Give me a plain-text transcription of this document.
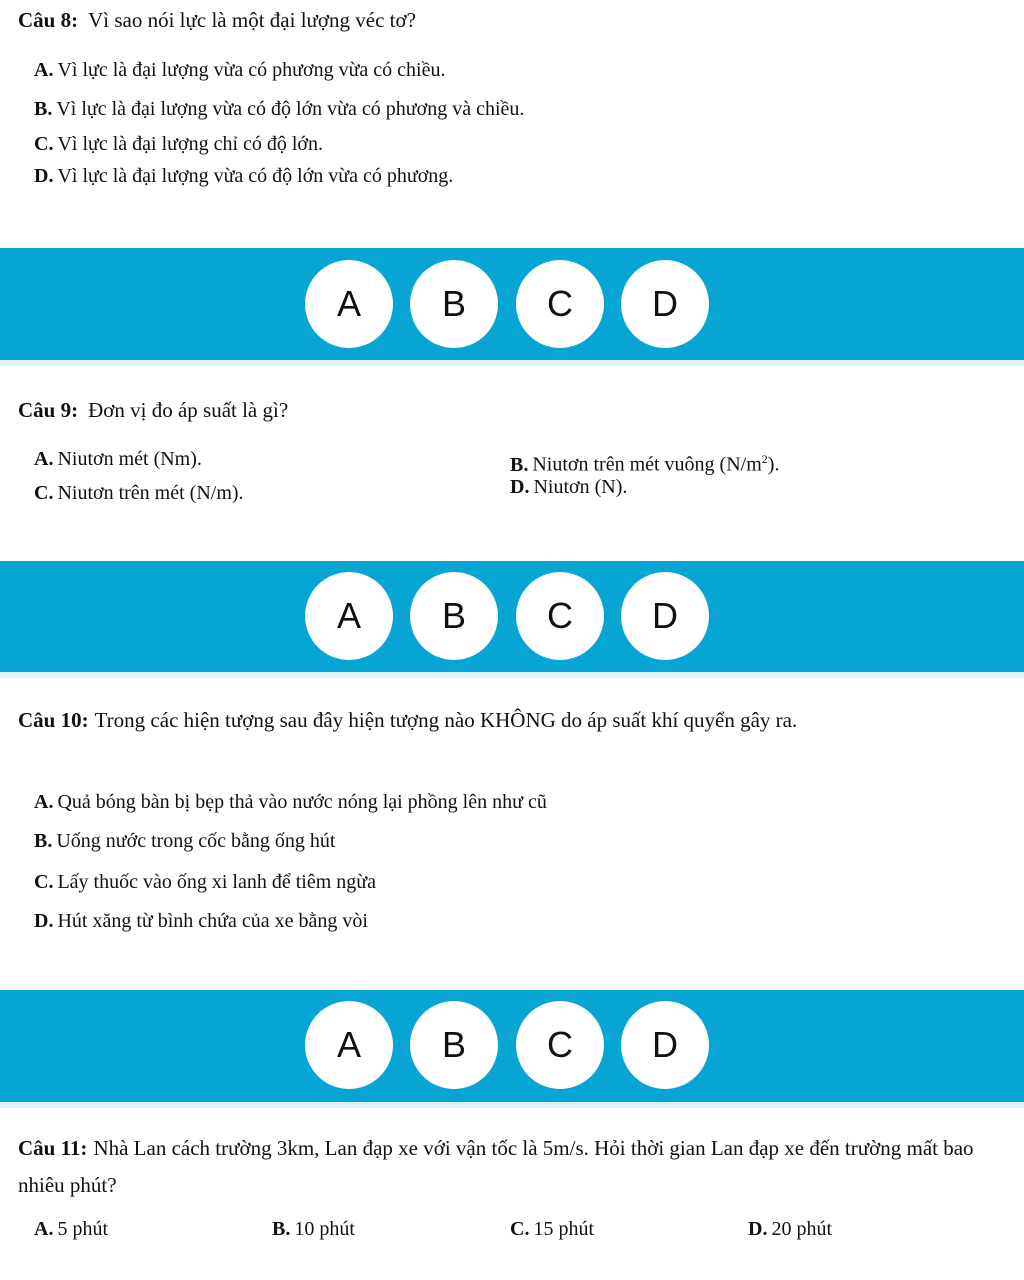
Câu 8: Vì sao nói lực là một đại lượng véc tơ?
A. Vì lực là đại lượng vừa có phương vừa có chiều.
B. Vì lực là đại lượng vừa có độ lớn vừa có phương và chiều.
C. Vì lực là đại lượng chỉ có độ lớn.
D. Vì lực là đại lượng vừa có độ lớn vừa có phương.
A	B	C	D
Câu 9: Đơn vị đo áp suất là gì?
A. Niutơn mét (Nm).	B. Niutơn trên mét vuông $(N/m^2)$.
C. Niutơn trên mét (N/m).	D. Niutơn (N).
A	B	C	D
Câu 10: Trong các hiện tượng sau đây hiện tượng nào KHÔNG do áp suất khí quyển gây ra.
A. Quả bóng bàn bị bẹp thả vào nước nóng lại phồng lên như cũ
B. Uống nước trong cốc bằng ống hút
C. Lấy thuốc vào ống xi lanh để tiêm ngừa
D. Hút xăng từ bình chứa của xe bằng vòi
A	B	C	D
Câu 11: Nhà Lan cách trường 3km, Lan đạp xe với vận tốc là 5m/s. Hỏi thời gian Lan đạp xe đến trường mất bao nhiêu phút?
A. 5 phút	B. 10 phút	C. 15 phút	D. 20 phút
